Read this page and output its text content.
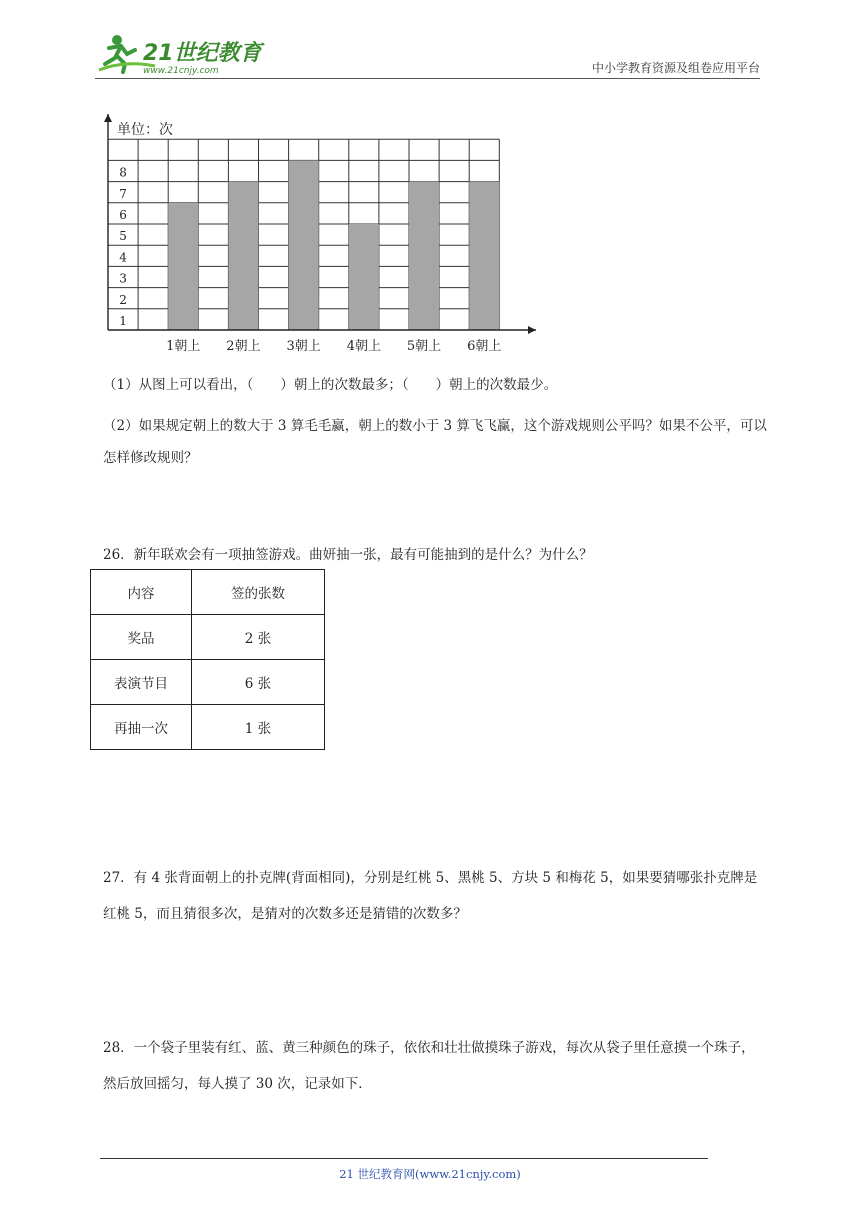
21世纪教育
www.21cnjy.com	中小学教育资源及组卷应用平台
单位：次
1
2
3
4
5
6
7
8
1朝上 2朝上 3朝上 4朝上 5朝上 6朝上

（1）从图上可以看出，（　　）朝上的次数最多；（　　）朝上的次数最少。

（2）如果规定朝上的数大于 3 算毛毛赢，朝上的数小于 3 算飞飞赢，这个游戏规则公平吗？如果不公平，可以怎样修改规则？

26．新年联欢会有一项抽签游戏。曲妍抽一张，最有可能抽到的是什么？为什么？

内容	签的张数
奖品	2 张
表演节目	6 张
再抽一次	1 张

27．有 4 张背面朝上的扑克牌(背面相同)，分别是红桃 5、黑桃 5、方块 5 和梅花 5，如果要猜哪张扑克牌是红桃 5，而且猜很多次，是猜对的次数多还是猜错的次数多？

28．一个袋子里装有红、蓝、黄三种颜色的珠子，依依和壮壮做摸珠子游戏，每次从袋子里任意摸一个珠子，然后放回摇匀，每人摸了 30 次，记录如下．

21 世纪教育网(www.21cnjy.com)
